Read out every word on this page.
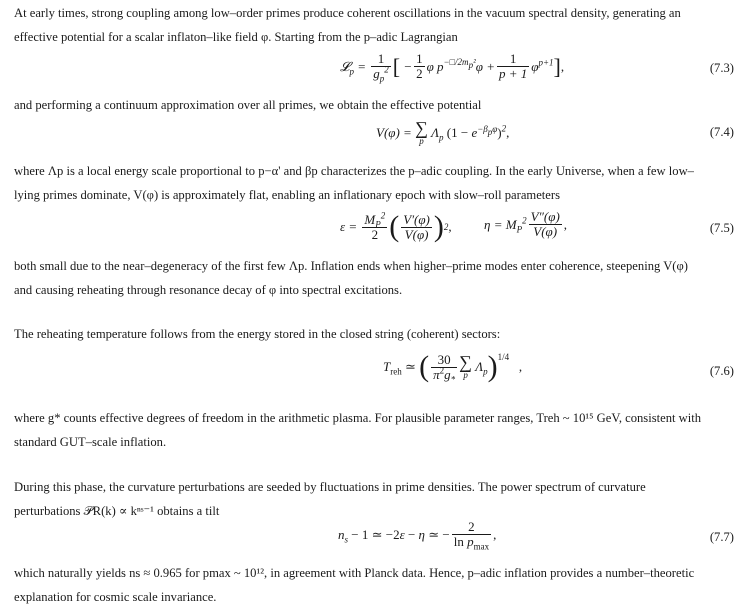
At early times, strong coupling among low–order primes produce coherent oscillations in the vacuum spectral density, generating an
effective potential for a scalar inflaton–like field φ. Starting from the p–adic Lagrangian

𝓛$_p$ = $\frac{1}{g_p^2}$ [ − $\frac{1}{2}$ φ $p^{-□/2m_p^2}\varphi + \frac{1}{p + 1} \varphi^{p+1}$ ] ,	(7.3)

and performing a continuum approximation over all primes, we obtain the effective potential

V(φ) = ∑
p
$\Lambda_p$ $(1 - e^{-\beta_p\varphi})^2$,	(7.4)

where Λp is a local energy scale proportional to p−α' and βp characterizes the p–adic coupling. In the early Universe, when a few low–
lying primes dominate, V(φ) is approximately flat, enabling an inflationary epoch with slow–roll parameters

$\varepsilon = \frac{M_P^2}{2}$ ( $\frac{V'(\varphi)}{V(\varphi)}$ ) 2 , $\eta = M_P^2 \frac{V''(\varphi)}{V(\varphi)}$ ,	(7.5)

both small due to the near–degeneracy of the first few Λp. Inflation ends when higher–prime modes enter coherence, steepening V(φ)
and causing reheating through resonance decay of φ into spectral excitations.

The reheating temperature follows from the energy stored in the closed string (coherent) sectors:

$T_{reh}$ ≃ ( $\frac{30}{\pi^2g_*}$ ∑
p
$\Lambda_p$ )$^{1/4}$
,	(7.6)

where g* counts effective degrees of freedom in the arithmetic plasma. For plausible parameter ranges, Treh ~ 10¹⁵ GeV, consistent with
standard GUT–scale inflation.

During this phase, the curvature perturbations are seeded by fluctuations in prime densities. The power spectrum of curvature
perturbations 𝒫R(k) ∝ kⁿˢ⁻¹ obtains a tilt

$n_s - 1$ ≃ −2ε − η ≃ − $\frac{2}{\ln p_{max}}$ ,	(7.7)

which naturally yields ns ≈ 0.965 for pmax ~ 10¹², in agreement with Planck data. Hence, p–adic inflation provides a number–theoretic
explanation for cosmic scale invariance.
